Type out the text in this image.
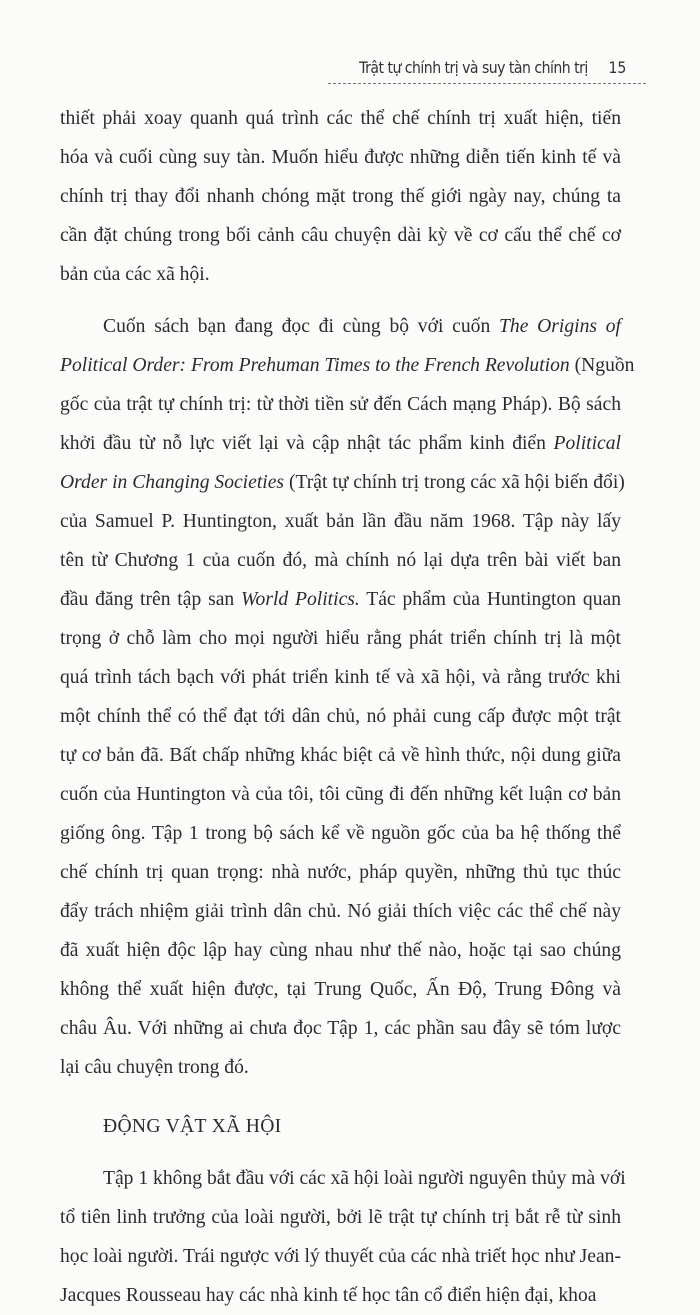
Trật tự chính trị và suy tàn chính trị 15
thiết phải xoay quanh quá trình các thể chế chính trị xuất hiện, tiến
hóa và cuối cùng suy tàn. Muốn hiểu được những diễn tiến kinh tế và
chính trị thay đổi nhanh chóng mặt trong thế giới ngày nay, chúng ta
cần đặt chúng trong bối cảnh câu chuyện dài kỳ về cơ cấu thể chế cơ
bản của các xã hội.
Cuốn sách bạn đang đọc đi cùng bộ với cuốn The Origins of
Political Order: From Prehuman Times to the French Revolution (Nguồn
gốc của trật tự chính trị: từ thời tiền sử đến Cách mạng Pháp). Bộ sách
khởi đầu từ nỗ lực viết lại và cập nhật tác phẩm kinh điển Political
Order in Changing Societies (Trật tự chính trị trong các xã hội biến đổi)
của Samuel P. Huntington, xuất bản lần đầu năm 1968. Tập này lấy
tên từ Chương 1 của cuốn đó, mà chính nó lại dựa trên bài viết ban
đầu đăng trên tập san World Politics. Tác phẩm của Huntington quan
trọng ở chỗ làm cho mọi người hiểu rằng phát triển chính trị là một
quá trình tách bạch với phát triển kinh tế và xã hội, và rằng trước khi
một chính thể có thể đạt tới dân chủ, nó phải cung cấp được một trật
tự cơ bản đã. Bất chấp những khác biệt cả về hình thức, nội dung giữa
cuốn của Huntington và của tôi, tôi cũng đi đến những kết luận cơ bản
giống ông. Tập 1 trong bộ sách kể về nguồn gốc của ba hệ thống thể
chế chính trị quan trọng: nhà nước, pháp quyền, những thủ tục thúc
đẩy trách nhiệm giải trình dân chủ. Nó giải thích việc các thể chế này
đã xuất hiện độc lập hay cùng nhau như thế nào, hoặc tại sao chúng
không thể xuất hiện được, tại Trung Quốc, Ấn Độ, Trung Đông và
châu Âu. Với những ai chưa đọc Tập 1, các phần sau đây sẽ tóm lược
lại câu chuyện trong đó.
ĐỘNG VẬT XÃ HỘI
Tập 1 không bắt đầu với các xã hội loài người nguyên thủy mà với
tổ tiên linh trưởng của loài người, bởi lẽ trật tự chính trị bắt rễ từ sinh
học loài người. Trái ngược với lý thuyết của các nhà triết học như Jean-
Jacques Rousseau hay các nhà kinh tế học tân cổ điển hiện đại, khoa
